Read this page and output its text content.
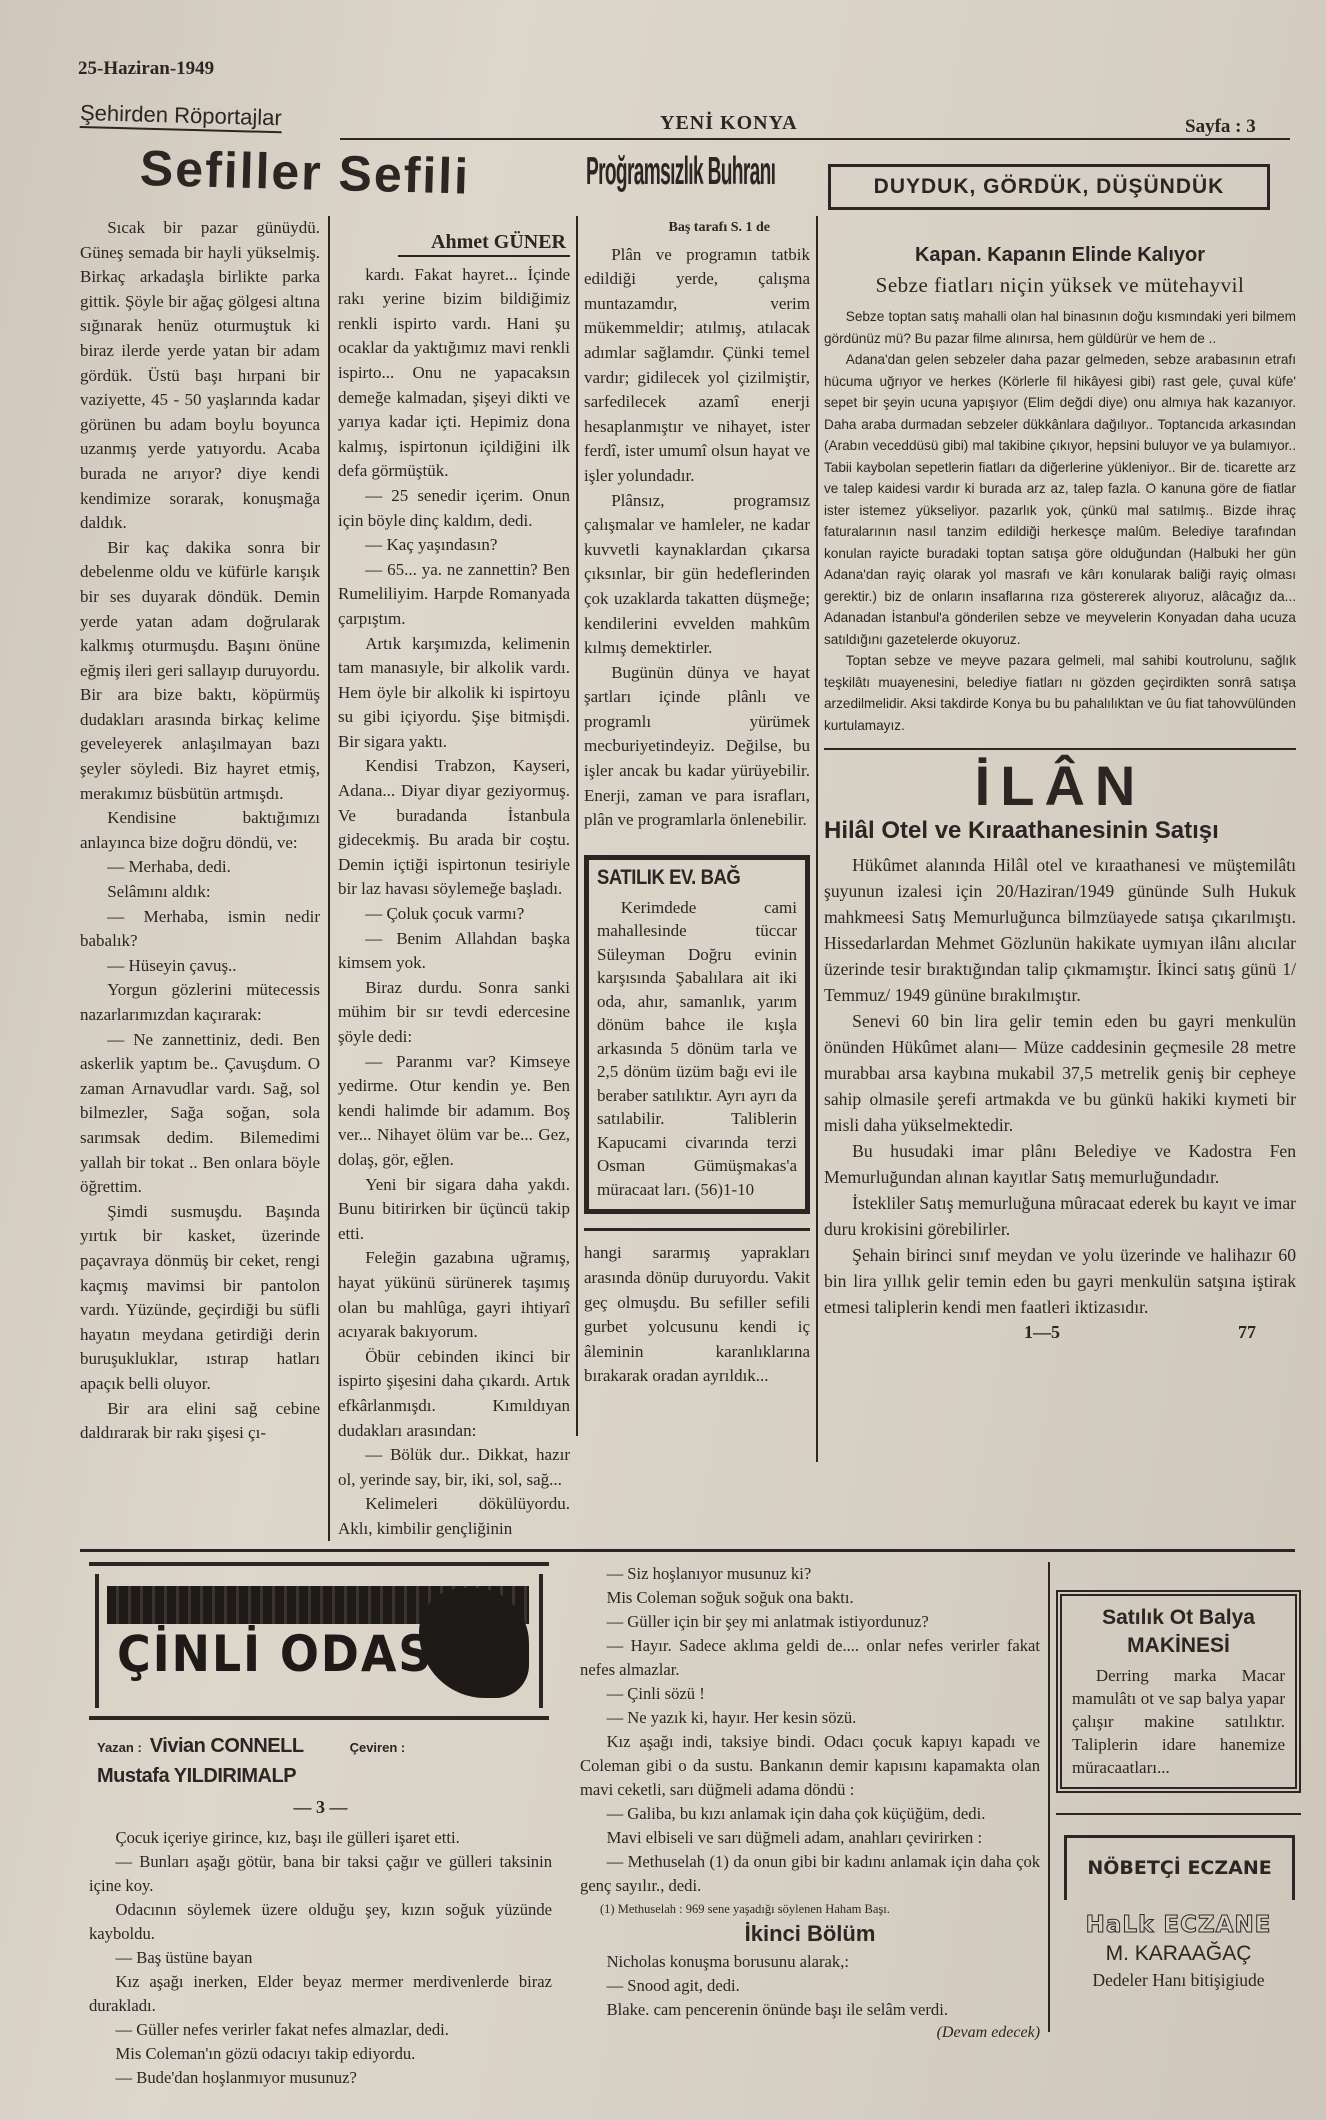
25-Haziran-1949
Şehirden Röportajlar	YENİ KONYA	Sayfa : 3
Sefiller Sefili	Proğramsızlık Buhranı	DUYDUK, GÖRDÜK, DÜŞÜNDÜK

Sıcak bir pazar günüydü. Güneş semada bir hayli yükselmiş. Birkaç arkadaşla birlikte parka gittik. Şöyle bir ağaç gölgesi altına sığınarak henüz oturmuştuk ki biraz ilerde yerde yatan bir adam gördük. Üstü başı hırpani bir vaziyette, 45 - 50 yaşlarında kadar görünen bu adam boylu boyunca uzanmış yerde yatıyordu. Acaba burada ne arıyor? diye kendi kendimize sorarak, konuşmağa daldık.

Bir kaç dakika sonra bir debelenme oldu ve küfürle karışık bir ses duyarak döndük. Demin yerde yatan adam doğrularak kalkmış oturmuşdu. Başını önüne eğmiş ileri geri sallayıp duruyordu. Bir ara bize baktı, köpürmüş dudakları arasında birkaç kelime geveleyerek anlaşılmayan bazı şeyler söyledi. Biz hayret etmiş, merakımız büsbütün artmışdı.

Kendisine baktığımızı anlayınca bize doğru döndü, ve:

— Merhaba, dedi.

Selâmını aldık:

— Merhaba, ismin nedir babalık?

— Hüseyin çavuş..

Yorgun gözlerini mütecessis nazarlarımızdan kaçırarak:

— Ne zannettiniz, dedi. Ben askerlik yaptım be.. Çavuşdum. O zaman Arnavudlar vardı. Sağ, sol bilmezler, Sağa soğan, sola sarımsak dedim. Bilemedimi yallah bir tokat .. Ben onlara böyle öğrettim.

Şimdi susmuşdu. Başında yırtık bir kasket, üzerinde paçavraya dönmüş bir ceket, rengi kaçmış mavimsi bir pantolon vardı. Yüzünde, geçirdiği bu süfli hayatın meydana getirdiği derin buruşukluklar, ıstırap hatları apaçık belli oluyor.

Bir ara elini sağ cebine daldırarak bir rakı şişesi çı-

Ahmet GÜNER

kardı. Fakat hayret... İçinde rakı yerine bizim bildiğimiz renkli ispirto vardı. Hani şu ocaklar da yaktığımız mavi renkli ispirto... Onu ne yapacaksın demeğe kalmadan, şişeyi dikti ve yarıya kadar içti. Hepimiz dona kalmış, ispirtonun içildiğini ilk defa görmüştük.

— 25 senedir içerim. Onun için böyle dinç kaldım, dedi.

— Kaç yaşındasın?

— 65... ya. ne zannettin? Ben Rumeliliyim. Harpde Romanyada çarpıştım.

Artık karşımızda, kelimenin tam manasıyle, bir alkolik vardı. Hem öyle bir alkolik ki ispirtoyu su gibi içiyordu. Şişe bitmişdi. Bir sigara yaktı.

Kendisi Trabzon, Kayseri, Adana... Diyar diyar geziyormuş. Ve buradanda İstanbula gidecekmiş. Bu arada bir coştu. Demin içtiği ispirtonun tesiriyle bir laz havası söylemeğe başladı.

— Çoluk çocuk varmı?

— Benim Allahdan başka kimsem yok.

Biraz durdu. Sonra sanki mühim bir sır tevdi edercesine şöyle dedi:

— Paranmı var? Kimseye yedirme. Otur kendin ye. Ben kendi halimde bir adamım. Boş ver... Nihayet ölüm var be... Gez, dolaş, gör, eğlen.

Yeni bir sigara daha yakdı. Bunu bitirirken bir üçüncü takip etti.

Feleğin gazabına uğramış, hayat yükünü sürünerek taşımış olan bu mahlûga, gayri ihtiyarî acıyarak bakıyorum.

Öbür cebinden ikinci bir ispirto şişesini daha çıkardı. Artık efkârlanmışdı. Kımıldıyan dudakları arasından:

— Bölük dur.. Dikkat, hazır ol, yerinde say, bir, iki, sol, sağ...

Kelimeleri dökülüyordu. Aklı, kimbilir gençliğinin

Baş tarafı S. 1 de

Plân ve programın tatbik edildiği yerde, çalışma muntazamdır, verim mükemmeldir; atılmış, atılacak adımlar sağlamdır. Çünki temel vardır; gidilecek yol çizilmiştir, sarfedilecek azamî enerji hesaplanmıştır ve nihayet, ister ferdî, ister umumî olsun hayat ve işler yolundadır.

Plânsız, programsız çalışmalar ve hamleler, ne kadar kuvvetli kaynaklardan çıkarsa çıksınlar, bir gün hedeflerinden çok uzaklarda takatten düşmeğe; kendilerini evvelden mahkûm kılmış demektirler.

Bugünün dünya ve hayat şartları içinde plânlı ve programlı yürümek mecburiyetindeyiz. Değilse, bu işler ancak bu kadar yürüyebilir. Enerji, zaman ve para israfları, plân ve programlarla önlenebilir.

SATILIK EV. BAĞ

Kerimdede cami mahallesinde tüccar Süleyman Doğru evinin karşısında Şabalılara ait iki oda, ahır, samanlık, yarım dönüm bahce ile kışla arkasında 5 dönüm tarla ve 2,5 dönüm üzüm bağı evi ile beraber satılıktır. Ayrı ayrı da satılabilir. Taliblerin Kapucami civarında terzi Osman Gümüşmakas'a müracaat ları. (56)1-10

hangi sararmış yaprakları arasında dönüp duruyordu. Vakit geç olmuşdu. Bu sefiller sefili gurbet yolcusunu kendi iç âleminin karanlıklarına bırakarak oradan ayrıldık...

Kapan. Kapanın Elinde Kalıyor
Sebze fiatları niçin yüksek ve mütehayvil

Sebze toptan satış mahalli olan hal binasının doğu kısmındaki yeri bilmem gördünüz mü? Bu pazar filme alınırsa, hem güldürür ve hem de ..

Adana'dan gelen sebzeler daha pazar gelmeden, sebze arabasının etrafı hücuma uğrıyor ve herkes (Körlerle fil hikâyesi gibi) rast gele, çuval küfe' sepet bir şeyin ucuna yapışıyor (Elim değdi diye) onu almıya hak kazanıyor. Daha araba durmadan sebzeler dükkânlara dağılıyor.. Toptancıda arkasından (Arabın veceddüsü gibi) mal takibine çıkıyor, hepsini buluyor ve ya bulamıyor.. Tabii kaybolan sepetlerin fiatları da diğerlerine yükleniyor.. Bir de. ticarette arz ve talep kaidesi vardır ki burada arz az, talep fazla. O kanuna göre de fiatlar ister istemez yükseliyor. pazarlık yok, çünkü mal satılmış.. Bizde ihraç faturalarının nasıl tanzim edildiği herkesçe malûm. Belediye tarafından konulan rayicte buradaki toptan satışa göre olduğundan (Halbuki her gün Adana'dan rayiç olarak yol masrafı ve kârı konularak baliği rayiç olması gerektir.) biz de onların insaflarına rıza göstererek alıyoruz, alâcağız da... Adanadan İstanbul'a gönderilen sebze ve meyvelerin Konyadan daha ucuza satıldığını gazetelerde okuyoruz.

Toptan sebze ve meyve pazara gelmeli, mal sahibi koutrolunu, sağlık teşkilâtı muayenesini, belediye fiatları nı gözden geçirdikten sonrâ satışa arzedilmelidir. Aksi takdirde Konya bu bu pahalılıktan ve ûu fiat tahovvülünden kurtulamayız.

İLÂN
Hilâl Otel ve Kıraathanesinin Satışı

Hükûmet alanında Hilâl otel ve kıraathanesi ve müştemilâtı şuyunun izalesi için 20/Haziran/1949 gününde Sulh Hukuk mahkmeesi Satış Memurluğunca bilmzüayede satışa çıkarılmıştı. Hissedarlardan Mehmet Gözlunün hakikate uymıyan ilânı alıcılar üzerinde tesir bıraktığından talip çıkmamıştır. İkinci satış günü 1/ Temmuz/ 1949 gününe bırakılmıştır.

Senevi 60 bin lira gelir temin eden bu gayri menkulün önünden Hükûmet alanı— Müze caddesinin geçmesile 28 metre murabbaı arsa kaybına mukabil 37,5 metrelik geniş bir cepheye sahip olmasile şerefi artmakda ve bu günkü hakiki kıymeti bir misli daha yükselmektedir.

Bu husudaki imar plânı Belediye ve Kadostra Fen Memurluğundan alınan kayıtlar Satış memurluğundadır.

İstekliler Satış memurluğuna mûracaat ederek bu kayıt ve imar duru krokisini görebilirler.

Şehain birinci sınıf meydan ve yolu üzerinde ve halihazır 60 bin lira yıllık gelir temin eden bu gayri menkulün satşına iştirak etmesi taliplerin kendi men faatleri iktizasıdır.

1—5	77
ÇİNLİ ODASI
Yazan : Vivian CONNELL	Çeviren :
Mustafa YILDIRIMALP
— 3 —

Çocuk içeriye girince, kız, başı ile gülleri işaret etti.

— Bunları aşağı götür, bana bir taksi çağır ve gülleri taksinin içine koy.

Odacının söylemek üzere olduğu şey, kızın soğuk yüzünde kayboldu.

— Baş üstüne bayan

Kız aşağı inerken, Elder beyaz mermer merdivenlerde biraz durakladı.

— Güller nefes verirler fakat nefes almazlar, dedi.

Mis Coleman'ın gözü odacıyı takip ediyordu.

— Bude'dan hoşlanmıyor musunuz?

— Siz hoşlanıyor musunuz ki?

Mis Coleman soğuk soğuk ona baktı.

— Güller için bir şey mi anlatmak istiyordunuz?

— Hayır. Sadece aklıma geldi de.... onlar nefes verirler fakat nefes almazlar.

— Çinli sözü !

— Ne yazık ki, hayır. Her kesin sözü.

Kız aşağı indi, taksiye bindi. Odacı çocuk kapıyı kapadı ve Coleman gibi o da sustu. Bankanın demir kapısını kapamakta olan mavi ceketli, sarı düğmeli adama döndü :

— Galiba, bu kızı anlamak için daha çok küçüğüm, dedi.

Mavi elbiseli ve sarı düğmeli adam, anahları çevirirken :

— Methuselah (1) da onun gibi bir kadını anlamak için daha çok genç sayılır., dedi.

(1) Methuselah : 969 sene yaşadığı söylenen Haham Başı.

İkinci Bölüm

Nicholas konuşma borusunu alarak,:

— Snood agit, dedi.

Blake. cam pencerenin önünde başı ile selâm verdi.

(Devam edecek)
Satılık Ot Balya
MAKİNESİ

Derring marka Macar mamulâtı ot ve sap balya yapar çalışır makine satılıktır. Taliplerin idare hanemize müracaatları...

NÖBETÇİ ECZANE
HaLk ECZANE
M. KARAAĞAÇ
Dedeler Hanı bitişigiude
